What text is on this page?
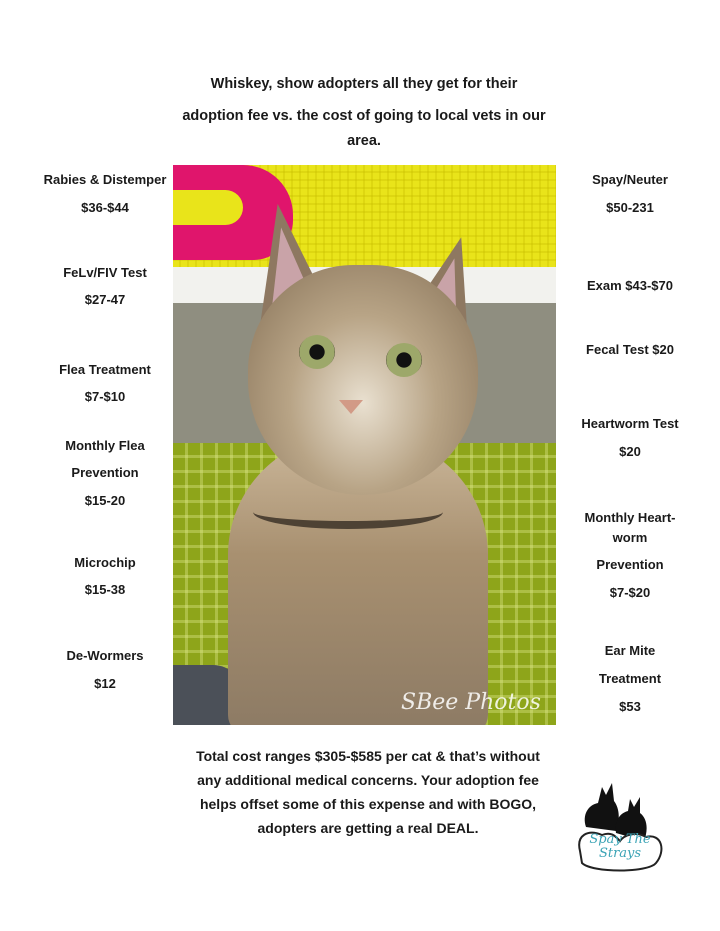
Whiskey, show adopters all they get for their
adoption fee vs. the cost of going to local vets in our
area.
Rabies & Distemper
$36-$44
FeLv/FIV Test
$27-47
Flea Treatment
$7-$10
Monthly Flea
Prevention
$15-20
Microchip
$15-38
De-Wormers
$12
SBee Photos
Spay/Neuter
$50-231
Exam $43-$70
Fecal Test $20
Heartworm Test
$20
Monthly Heart-
worm
Prevention
$7-$20
Ear Mite
Treatment
$53
Total cost ranges $305-$585 per cat & that’s without
any additional medical concerns. Your adoption fee
helps offset some of this expense and with BOGO,
adopters are getting a real DEAL.
Spay The
Strays
